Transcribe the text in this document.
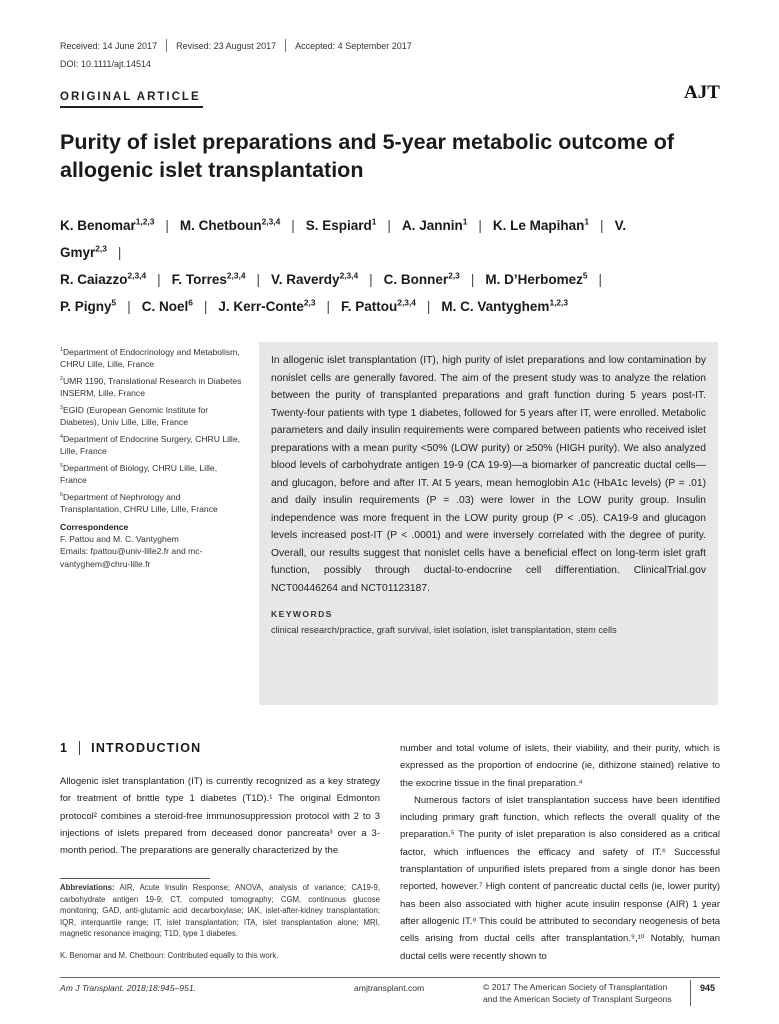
Received: 14 June 2017 Revised: 23 August 2017 Accepted: 4 September 2017
DOI: 10.1111/ajt.14514
ORIGINAL ARTICLE	AJT
Purity of islet preparations and 5-year metabolic outcome of allogenic islet transplantation
K. Benomar$^{1,2,3}$ | M. Chetboun$^{2,3,4}$ | S. Espiard$^1$ | A. Jannin$^1$ | K. Le Mapihan$^1$ | V. Gmyr$^{2,3}$ |
R. Caiazzo$^{2,3,4}$ | F. Torres$^{2,3,4}$ | V. Raverdy$^{2,3,4}$ | C. Bonner$^{2,3}$ | M. D’Herbomez$^5$ |
P. Pigny$^5$ | C. Noel$^6$ | J. Kerr-Conte$^{2,3}$ | F. Pattou$^{2,3,4}$ | M. C. Vantyghem$^{1,2,3}$

$^1$Department of Endocrinology and Metabolism, CHRU Lille, Lille, France

$^2$UMR 1190, Translational Research in Diabetes INSERM, Lille, France

$^3$EGID (European Genomic Institute for Diabetes), Univ Lille, Lille, France

$^4$Department of Endocrine Surgery, CHRU Lille, Lille, France

$^5$Department of Biology, CHRU Lille, Lille, France

$^6$Department of Nephrology and Transplantation, CHRU Lille, Lille, France

Correspondence
F. Pattou and M. C. Vantyghem
Emails: fpattou@univ-lille2.fr and mc-vantyghem@chru-lille.fr
In allogenic islet transplantation (IT), high purity of islet preparations and low contamination by nonislet cells are generally favored. The aim of the present study was to analyze the relation between the purity of transplanted preparations and graft function during 5 years post-IT. Twenty-four patients with type 1 diabetes, followed for 5 years after IT, were enrolled. Metabolic parameters and daily insulin requirements were compared between patients who received islet preparations with a mean purity <50% (LOW purity) or ≥50% (HIGH purity). We also analyzed blood levels of carbohydrate antigen 19-9 (CA 19-9)—a biomarker of pancreatic ductal cells—and glucagon, before and after IT. At 5 years, mean hemoglobin A1c (HbA1c levels) (P = .01) and daily insulin requirements (P = .03) were lower in the LOW purity group. Insulin independence was more frequent in the LOW purity group (P < .05). CA19-9 and glucagon levels increased post-IT (P < .0001) and were inversely correlated with the degree of purity. Overall, our results suggest that nonislet cells have a beneficial effect on long-term islet graft function, possibly through ductal-to-endocrine cell differentiation. ClinicalTrial.gov NCT00446264 and NCT01123187.
KEYWORDS
clinical research/practice, graft survival, islet isolation, islet transplantation, stem cells
1 INTRODUCTION
Allogenic islet transplantation (IT) is currently recognized as a key strategy for treatment of brittle type 1 diabetes (T1D).¹ The original Edmonton protocol² combines a steroid-free immunosuppression protocol with 2 to 3 injections of islets prepared from deceased donor pancreata³ over a 3-month period. The preparations are generally characterized by the

number and total volume of islets, their viability, and their purity, which is expressed as the proportion of endocrine (ie, dithizone stained) relative to the exocrine tissue in the final preparation.⁴

Numerous factors of islet transplantation success have been identified including primary graft function, which reflects the overall quality of the preparation.⁵ The purity of islet preparation is also considered as a critical factor, which influences the efficacy and safety of IT.⁶ Successful transplantation of unpurified islets prepared from a single donor has been reported, however.⁷ High content of pancreatic ductal cells (ie, lower purity) has been also associated with higher acute insulin response (AIR) 1 year after allogenic IT.⁸ This could be attributed to secondary neogenesis of beta cells arising from ductal cells after transplantation.⁹,¹⁰ Notably, human ductal cells were recently shown to

Abbreviations: AIR, Acute Insulin Response; ANOVA, analysis of variance; CA19-9, carbohydrate antigen 19-9; CT, computed tomography; CGM, continuous glucose monitoring; GAD, anti-glutamic acid decarboxylase; IAK, islet-after-kidney transplantation; IQR, interquartile range; IT, islet transplantation; ITA, islet transplantation alone; MRI, magnetic resonance imaging; T1D, type 1 diabetes.
K. Benomar and M. Chetboun: Contributed equally to this work.
Am J Transplant. 2018;18:945–951.	amjtransplant.com	© 2017 The American Society of Transplantation
and the American Society of Transplant Surgeons
945
